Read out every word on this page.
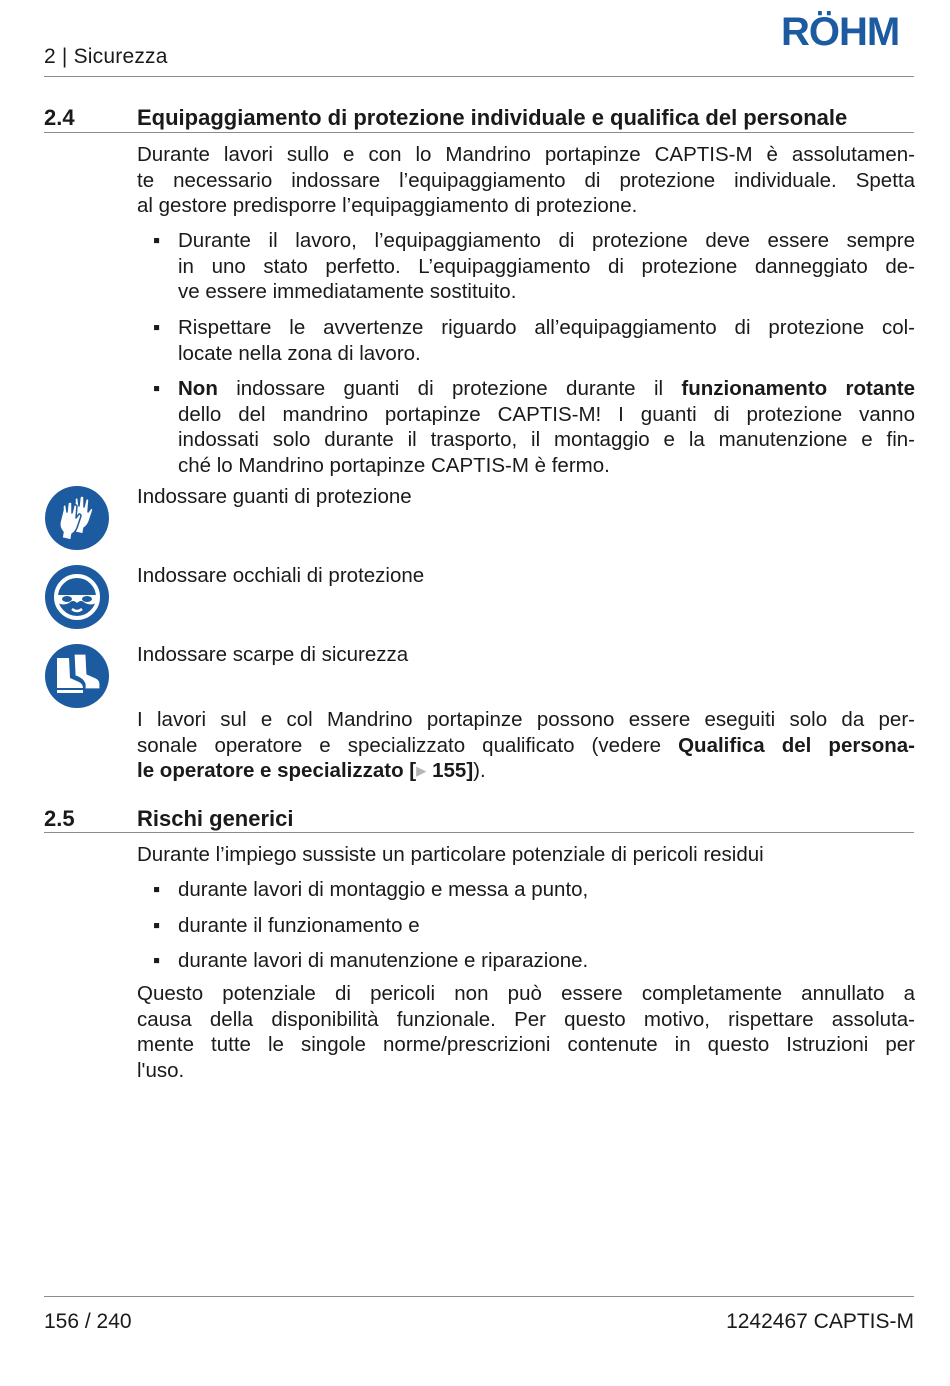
2 | Sicurezza
RÖHM
2.4	Equipaggiamento di protezione individuale e qualifica del personale
Durante lavori sullo e con lo Mandrino portapinze CAPTIS-M è assolutamen-
te necessario indossare l’equipaggiamento di protezione individuale. Spetta
al gestore predisporre l’equipaggiamento di protezione.
▪ Durante il lavoro, l’equipaggiamento di protezione deve essere sempre
in uno stato perfetto. L’equipaggiamento di protezione danneggiato de-
ve essere immediatamente sostituito.
▪ Rispettare le avvertenze riguardo all’equipaggiamento di protezione col-
locate nella zona di lavoro.
▪ Non indossare guanti di protezione durante il funzionamento rotante
dello del mandrino portapinze CAPTIS-M! I guanti di protezione vanno
indossati solo durante il trasporto, il montaggio e la manutenzione e fin-
ché lo Mandrino portapinze CAPTIS-M è fermo.
Indossare guanti di protezione
Indossare occhiali di protezione
Indossare scarpe di sicurezza
I lavori sul e col Mandrino portapinze possono essere eseguiti solo da per-
sonale operatore e specializzato qualificato (vedere Qualifica del persona-
le operatore e specializzato [▸ 155]).
2.5	Rischi generici
Durante l’impiego sussiste un particolare potenziale di pericoli residui
▪ durante lavori di montaggio e messa a punto,
▪ durante il funzionamento e
▪ durante lavori di manutenzione e riparazione.
Questo potenziale di pericoli non può essere completamente annullato a
causa della disponibilità funzionale. Per questo motivo, rispettare assoluta-
mente tutte le singole norme/prescrizioni contenute in questo Istruzioni per
l'uso.
156 / 240	1242467 CAPTIS-M
